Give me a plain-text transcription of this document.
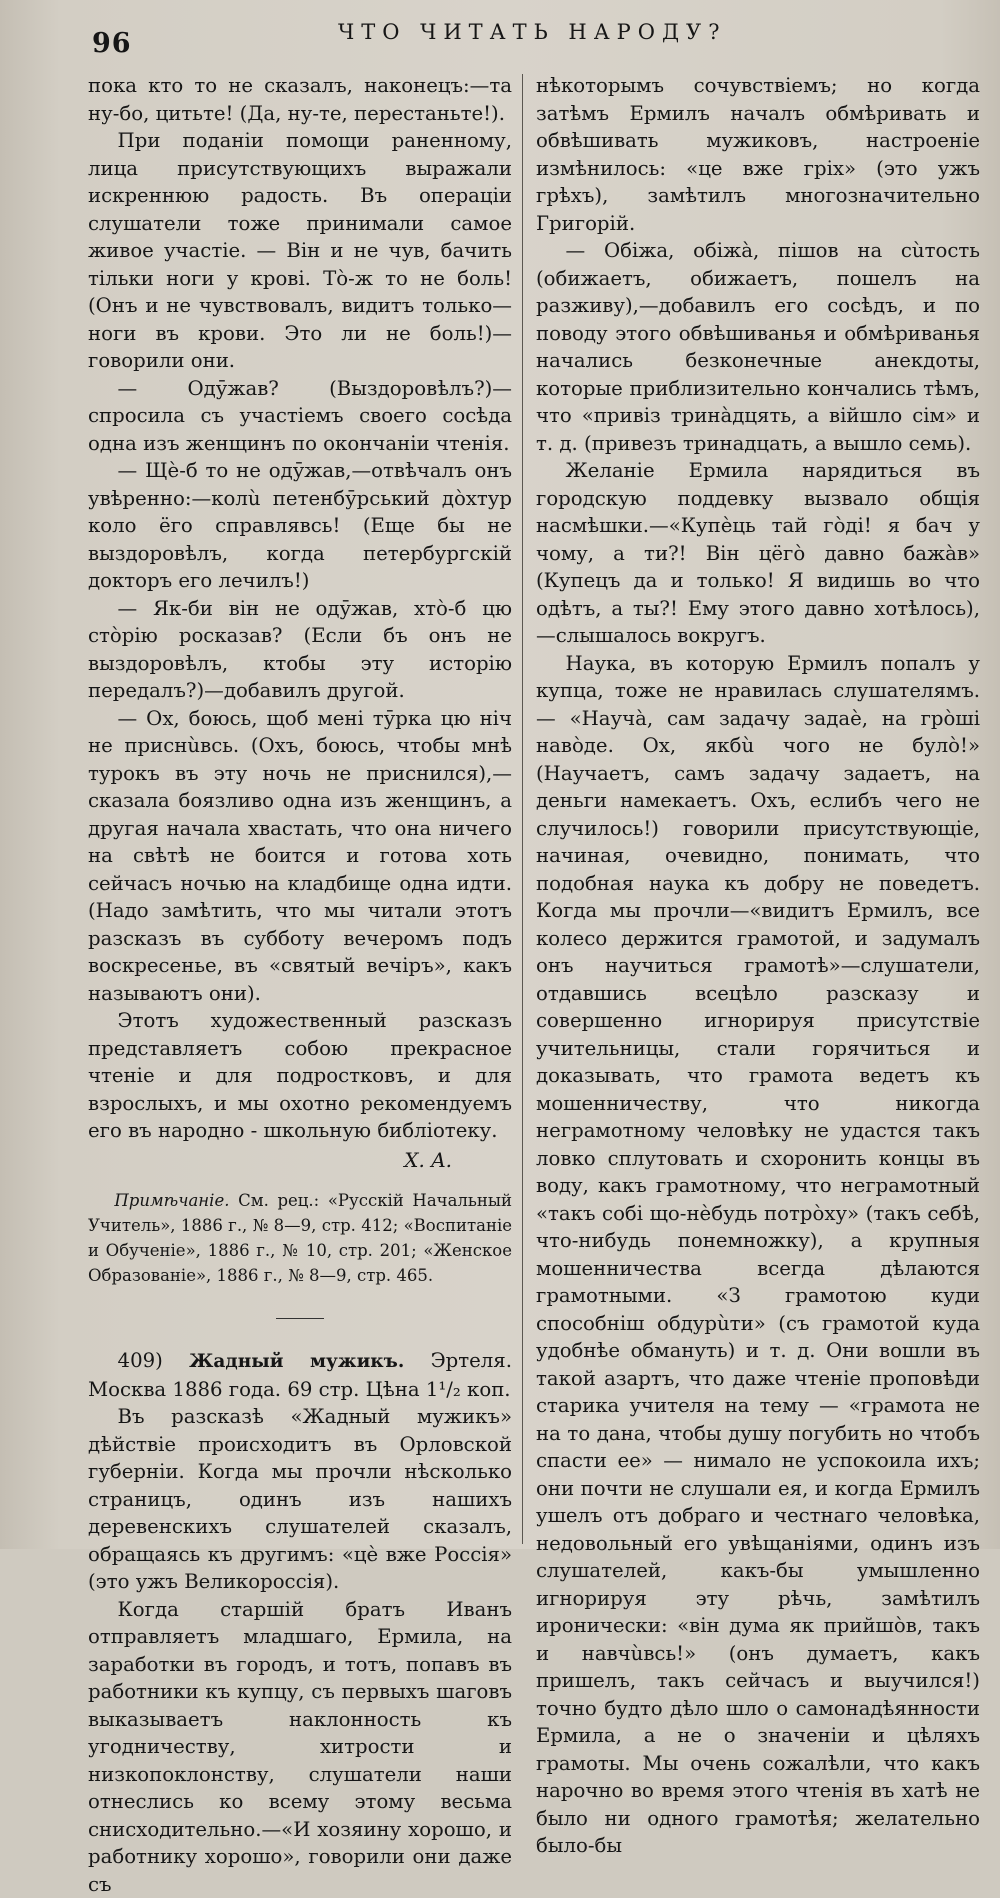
96	ЧТО ЧИТАТЬ НАРОДУ?

пока кто то не сказалъ, наконецъ:—та ну-бо, цитьте! (Да, ну-те, перестаньте!).

При поданiи помощи раненному, лица присутствующихъ выражали искреннюю радость. Въ операцiи слушатели тоже принимали самое живое участiе. — Вiн и не чув, бачить тiльки ноги у кровi. Тò-ж то не боль! (Онъ и не чувствовалъ, видитъ только—ноги въ крови. Это ли не боль!)—говорили они.

— Одӯжав? (Выздоровѣлъ?)—спросила съ участiемъ своего сосѣда одна изъ женщинъ по окончанiи чтенiя.

— Щè-б то не одӯжав,—отвѣчалъ онъ увѣренно:—колù петенбӯрський дòхтур коло ёго справлявсь! (Еще бы не выздоровѣлъ, когда петербургскiй докторъ его лечилъ!)

— Як-би вiн не одӯжав, хтò-б цю стòрiю росказав? (Если бъ онъ не выздоровѣлъ, ктобы эту исторiю передалъ?)—добавилъ другой.

— Ох, боюсь, щоб менi тӯрка цю нiч не приснùвсь. (Охъ, боюсь, чтобы мнѣ турокъ въ эту ночь не приснился),—сказала боязливо одна изъ женщинъ, а другая начала хвастать, что она ничего на свѣтѣ не боится и готова хоть сейчасъ ночью на кладбище одна идти. (Надо замѣтить, что мы читали этотъ разсказъ въ субботу вечеромъ подъ воскресенье, въ «святый вечiръ», какъ называютъ они).

Этотъ художественный разсказъ представляетъ собою прекрасное чтенiе и для подростковъ, и для взрослыхъ, и мы охотно рекомендуемъ его въ народно - школьную библiотеку.

X. A.

Примѣчанiе. См. рец.: «Русскiй Начальный Учитель», 1886 г., № 8—9, стр. 412; «Воспитанiе и Обученiе», 1886 г., № 10, стр. 201; «Женское Образованiе», 1886 г., № 8—9, стр. 465.

409) Жадный мужикъ. Эртеля. Москва 1886 года. 69 стр. Цѣна 1¹/₂ коп.

Въ разсказѣ «Жадный мужикъ» дѣйствiе происходитъ въ Орловской губернiи. Когда мы прочли нѣсколько страницъ, одинъ изъ нашихъ деревенскихъ слушателей сказалъ, обращаясь къ другимъ: «цѐ вже Россiя» (это ужъ Великороссiя).

Когда старшiй братъ Иванъ отправляетъ младшаго, Ермила, на заработки въ городъ, и тотъ, попавъ въ работники къ купцу, съ первыхъ шаговъ выказываетъ наклонность къ угодничеству, хитрости и низкопоклонству, слушатели наши отнеслись ко всему этому весьма снисходительно.—«И хозяину хорошо, и работнику хорошо», говорили они даже съ

нѣкоторымъ сочувствiемъ; но когда затѣмъ Ермилъ началъ обмѣривать и обвѣшивать мужиковъ, настроенiе измѣнилось: «це вже грiх» (это ужъ грѣхъ), замѣтилъ многозначительно Григорiй.

— Обiжа, обiжà, пiшов на сùтость (обижаетъ, обижаетъ, пошелъ на разживу),—добавилъ его сосѣдъ, и по поводу этого обвѣшиванья и обмѣриванья начались безконечные анекдоты, которые приблизительно кончались тѣмъ, что «привiз тринàдцять, а вiйшло сiм» и т. д. (привезъ тринадцать, а вышло семь).

Желанiе Ермила нарядиться въ городскую поддевку вызвало общiя насмѣшки.—«Купѐць тай гòдi! я бач у чому, а ти?! Вiн цёгò давно бажàв» (Купецъ да и только! Я видишь во что одѣтъ, а ты?! Ему этого давно хотѣлось), —слышалось вокругъ.

Наука, въ которую Ермилъ попалъ у купца, тоже не нравилась слушателямъ. — «Научà, сам задачу задаè, на грòшi навòде. Ох, якбù чого не булò!» (Научаетъ, самъ задачу задаетъ, на деньги намекаетъ. Охъ, еслибъ чего не случилось!) говорили присутствующiе, начиная, очевидно, понимать, что подобная наука къ добру не поведетъ. Когда мы прочли—«видитъ Ермилъ, все колесо держится грамотой, и задумалъ онъ научиться грамотѣ»—слушатели, отдавшись всецѣло разсказу и совершенно игнорируя присутствiе учительницы, стали горячиться и доказывать, что грамота ведетъ къ мошенничеству, что никогда неграмотному человѣку не удастся такъ ловко сплутовать и схоронить концы въ воду, какъ грамотному, что неграмотный «такъ собi що-нѐбудь потрòху» (такъ себѣ, что-нибудь понемножку), а крупныя мошенничества всегда дѣлаются грамотными. «З грамотою куди способнiш обдурùти» (съ грамотой куда удобнѣе обмануть) и т. д. Они вошли въ такой азартъ, что даже чтенiе проповѣди старика учителя на тему — «грамота не на то дана, чтобы душу погубить но чтобъ спасти ее» — нимало не успокоила ихъ; они почти не слушали ея, и когда Ермилъ ушелъ отъ добраго и честнаго человѣка, недовольный его увѣщанiями, одинъ изъ слушателей, какъ-бы умышленно игнорируя эту рѣчь, замѣтилъ иронически: «вiн дума як прийшòв, такъ и навчùвсь!» (онъ думаетъ, какъ пришелъ, такъ сейчасъ и выучился!) точно будто дѣло шло о самонадѣянности Ермила, а не о значенiи и цѣляхъ грамоты. Мы очень сожалѣли, что какъ нарочно во время этого чтенiя въ хатѣ не было ни одного грамотѣя; желательно было-бы
